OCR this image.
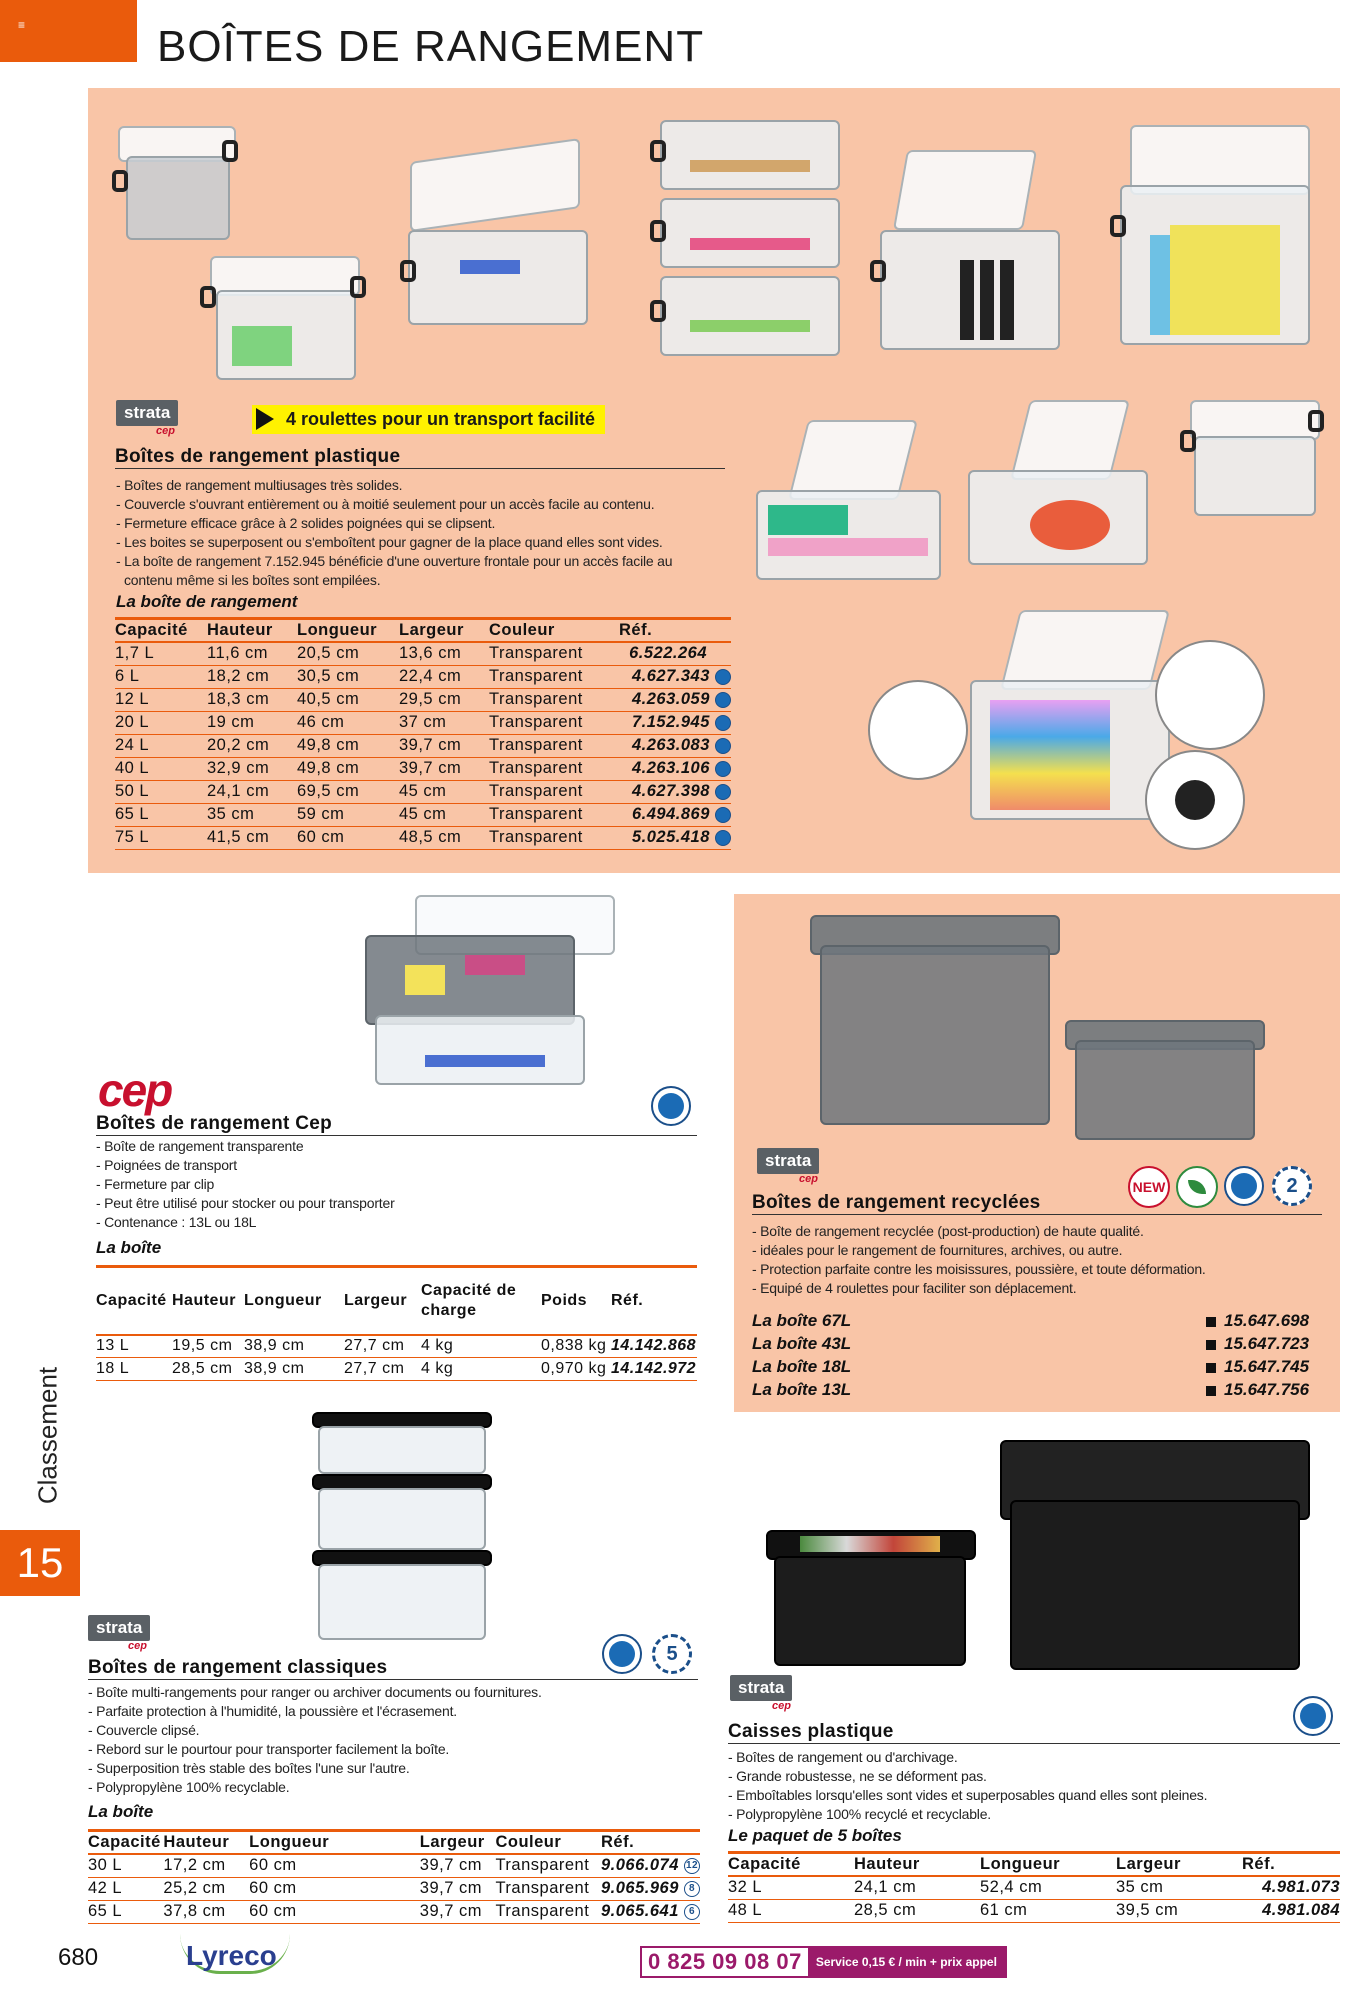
≡	BOÎTES DE RANGEMENT
Classement
15
strata
cep
4 roulettes pour un transport facilité
Boîtes de rangement plastique
- Boîtes de rangement multiusages très solides.
- Couvercle s'ouvrant entièrement ou à moitié seulement pour un accès facile au contenu.
- Fermeture efficace grâce à 2 solides poignées qui se clipsent.
- Les boites se superposent ou s'emboîtent pour gagner de la place quand elles sont vides.
- La boîte de rangement 7.152.945 bénéficie d'une ouverture frontale pour un accès facile au
contenu même si les boîtes sont empilées.
La boîte de rangement
Capacité	Hauteur	Longueur	Largeur	Couleur	Réf.
1,7 L	11,6 cm	20,5 cm	13,6 cm	Transparent	6.522.264
6 L	18,2 cm	30,5 cm	22,4 cm	Transparent	4.627.343
12 L	18,3 cm	40,5 cm	29,5 cm	Transparent	4.263.059
20 L	19 cm	46 cm	37 cm	Transparent	7.152.945
24 L	20,2 cm	49,8 cm	39,7 cm	Transparent	4.263.083
40 L	32,9 cm	49,8 cm	39,7 cm	Transparent	4.263.106
50 L	24,1 cm	69,5 cm	45 cm	Transparent	4.627.398
65 L	35 cm	59 cm	45 cm	Transparent	6.494.869
75 L	41,5 cm	60 cm	48,5 cm	Transparent	5.025.418
cep
Boîtes de rangement Cep
- Boîte de rangement transparente
- Poignées de transport
- Fermeture par clip
- Peut être utilisé pour stocker ou pour transporter
- Contenance : 13L ou 18L
La boîte
Capacité	Hauteur	Longueur	Largeur	Capacité de charge	Poids	Réf.
13 L	19,5 cm	38,9 cm	27,7 cm	4 kg	0,838 kg	14.142.868
18 L	28,5 cm	38,9 cm	27,7 cm	4 kg	0,970 kg	14.142.972
strata
cep	NEW	2
Boîtes de rangement recyclées
- Boîte de rangement recyclée (post-production) de haute qualité.
- idéales pour le rangement de fournitures, archives, ou autre.
- Protection parfaite contre les moisissures, poussière, et toute déformation.
- Equipé de 4 roulettes pour faciliter son déplacement.
La boîte 67L	15.647.698
La boîte 43L	15.647.723
La boîte 18L	15.647.745
La boîte 13L	15.647.756
strata
cep	5
Boîtes de rangement classiques
- Boîte multi-rangements pour ranger ou archiver documents ou fournitures.
- Parfaite protection à l'humidité, la poussière et l'écrasement.
- Couvercle clipsé.
- Rebord sur le pourtour pour transporter facilement la boîte.
- Superposition très stable des boîtes l'une sur l'autre.
- Polypropylène 100% recyclable.
La boîte
Capacité	Hauteur	Longueur	Largeur	Couleur	Réf.
30 L	17,2 cm	60 cm	39,7 cm	Transparent	9.066.074 12
42 L	25,2 cm	60 cm	39,7 cm	Transparent	9.065.969 8
65 L	37,8 cm	60 cm	39,7 cm	Transparent	9.065.641 6
strata
cep
Caisses plastique
- Boîtes de rangement ou d'archivage.
- Grande robustesse, ne se déforment pas.
- Emboîtables lorsqu'elles sont vides et superposables quand elles sont pleines.
- Polypropylène 100% recyclé et recyclable.
Le paquet de 5 boîtes
Capacité	Hauteur	Longueur	Largeur	Réf.
32 L	24,1 cm	52,4 cm	35 cm	4.981.073
48 L	28,5 cm	61 cm	39,5 cm	4.981.084
680	Lyreco	0 825 09 08 07	Service 0,15 € / min + prix appel
